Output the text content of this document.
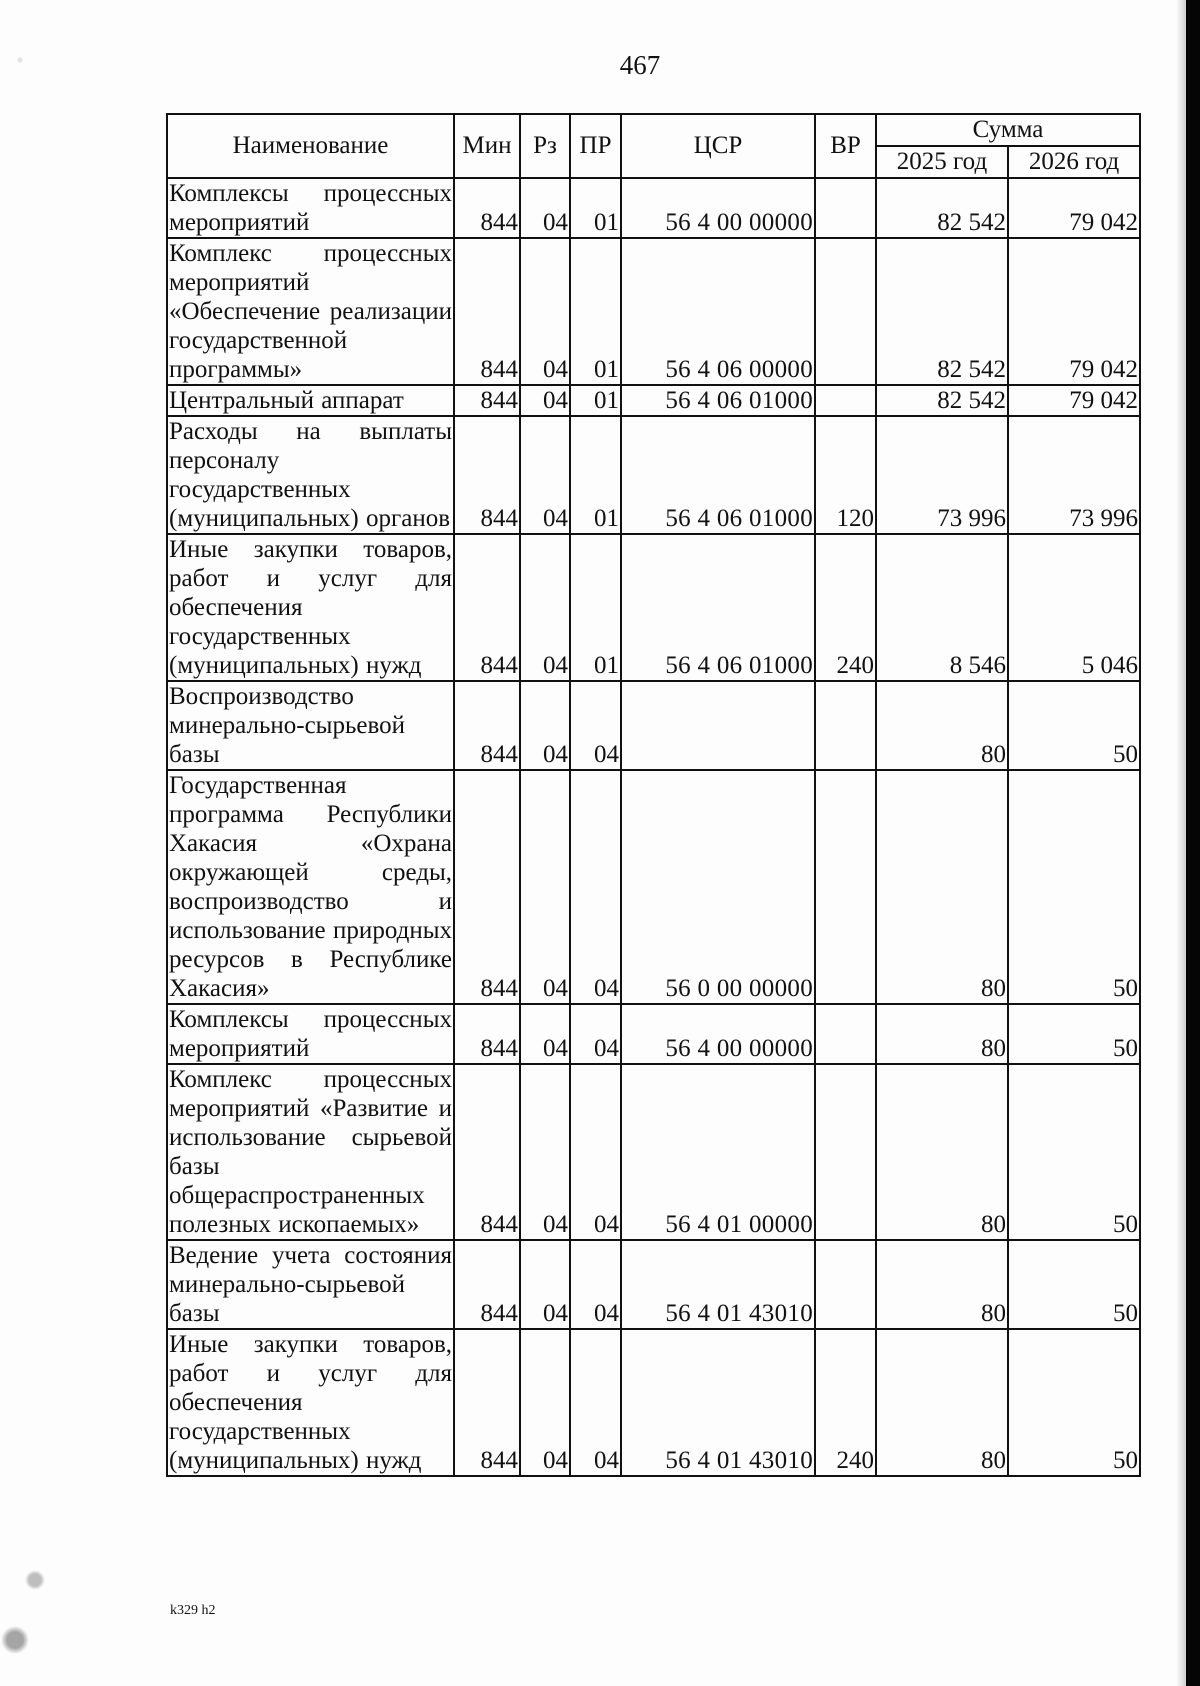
467
Наименование	Мин	Рз	ПР	ЦСР	ВР	Сумма	
						2025 год	2026 год
Комплексы процессных мероприятий	844	04	01	56 4 00 00000		82 542	79 042
Комплекс процессных мероприятий «Обеспечение реализации государственной программы»	844	04	01	56 4 06 00000		82 542	79 042
Центральный аппарат	844	04	01	56 4 06 01000		82 542	79 042
Расходы на выплаты персоналу государственных (муниципальных) органов	844	04	01	56 4 06 01000	120	73 996	73 996
Иные закупки товаров, работ и услуг для обеспечения государственных (муниципальных) нужд	844	04	01	56 4 06 01000	240	8 546	5 046
Воспроизводство минерально-сырьевой базы	844	04	04			80	50
Государственная программа Республики Хакасия «Охрана окружающей среды, воспроизводство и использование природных ресурсов в Республике Хакасия»	844	04	04	56 0 00 00000		80	50
Комплексы процессных мероприятий	844	04	04	56 4 00 00000		80	50
Комплекс процессных мероприятий «Развитие и использование сырьевой базы общераспространенных полезных ископаемых»	844	04	04	56 4 01 00000		80	50
Ведение учета состояния минерально-сырьевой базы	844	04	04	56 4 01 43010		80	50
Иные закупки товаров, работ и услуг для обеспечения государственных (муниципальных) нужд	844	04	04	56 4 01 43010	240	80	50
k329 h2
